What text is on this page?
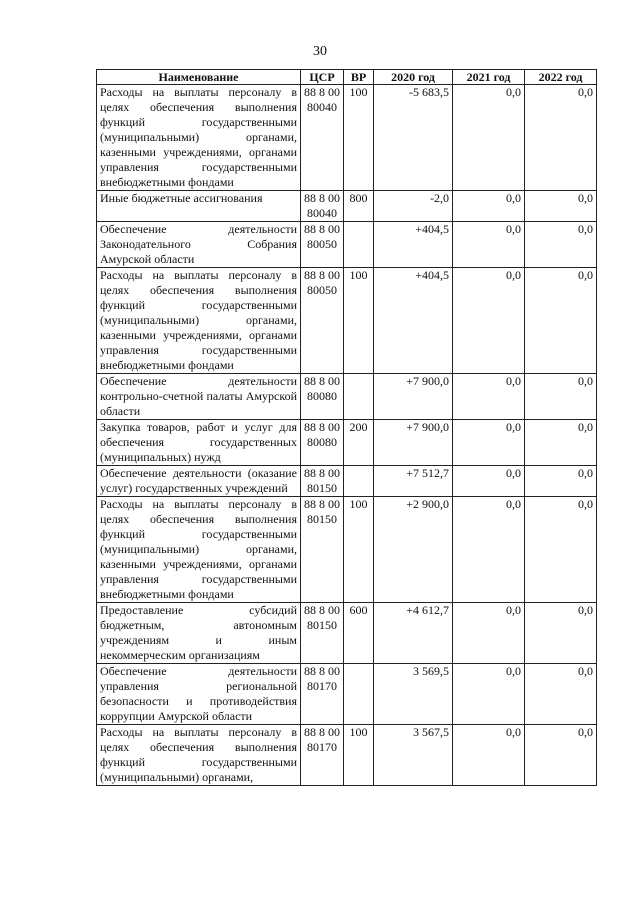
30
Наименование	ЦСР	ВР	2020 год	2021 год	2022 год
Расходы на выплаты персоналу в целях обеспечения выполнения функций государственными (муниципальными) органами, казенными учреждениями, органами управления государственными внебюджетными фондами	88 8 00 80040	100	-5 683,5	0,0	0,0
Иные бюджетные ассигнования	88 8 00 80040	800	-2,0	0,0	0,0
Обеспечение деятельности Законодательного Собрания Амурской области	88 8 00 80050		+404,5	0,0	0,0
Расходы на выплаты персоналу в целях обеспечения выполнения функций государственными (муниципальными) органами, казенными учреждениями, органами управления государственными внебюджетными фондами	88 8 00 80050	100	+404,5	0,0	0,0
Обеспечение деятельности контрольно-счетной палаты Амурской области	88 8 00 80080		+7 900,0	0,0	0,0
Закупка товаров, работ и услуг для обеспечения государственных (муниципальных) нужд	88 8 00 80080	200	+7 900,0	0,0	0,0
Обеспечение деятельности (оказание услуг) государственных учреждений	88 8 00 80150		+7 512,7	0,0	0,0
Расходы на выплаты персоналу в целях обеспечения выполнения функций государственными (муниципальными) органами, казенными учреждениями, органами управления государственными внебюджетными фондами	88 8 00 80150	100	+2 900,0	0,0	0,0
Предоставление субсидий бюджетным, автономным учреждениям и иным некоммерческим организациям	88 8 00 80150	600	+4 612,7	0,0	0,0
Обеспечение деятельности управления региональной безопасности и противодействия коррупции Амурской области	88 8 00 80170		3 569,5	0,0	0,0
Расходы на выплаты персоналу в целях обеспечения выполнения функций государственными (муниципальными) органами,	88 8 00 80170	100	3 567,5	0,0	0,0
